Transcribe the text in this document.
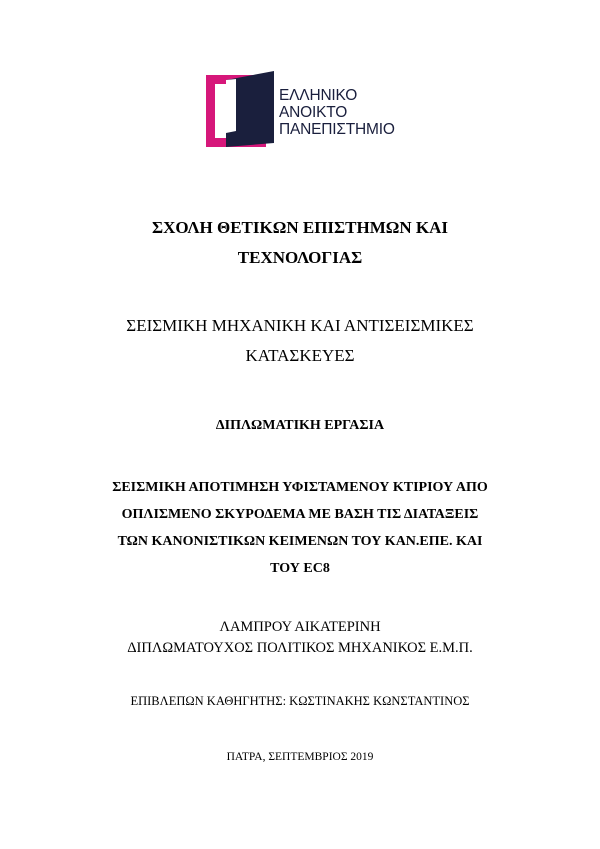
ΕΛΛΗΝΙΚΟ
ΑΝΟΙΚΤΟ
ΠΑΝΕΠΙΣΤΗΜΙΟ
ΣΧΟΛΗ ΘΕΤΙΚΩΝ ΕΠΙΣΤΗΜΩΝ ΚΑΙ
ΤΕΧΝΟΛΟΓΙΑΣ
ΣΕΙΣΜΙΚΗ ΜΗΧΑΝΙΚΗ ΚΑΙ ΑΝΤΙΣΕΙΣΜΙΚΕΣ
ΚΑΤΑΣΚΕΥΕΣ
ΔΙΠΛΩΜΑΤΙΚΗ ΕΡΓΑΣΙΑ
ΣΕΙΣΜΙΚΗ ΑΠΟΤΙΜΗΣΗ ΥΦΙΣΤΑΜΕΝΟΥ ΚΤΙΡΙΟΥ ΑΠΟ
ΟΠΛΙΣΜΕΝΟ ΣΚΥΡΟΔΕΜΑ ΜΕ ΒΑΣΗ ΤΙΣ ΔΙΑΤΑΞΕΙΣ
ΤΩΝ ΚΑΝΟΝΙΣΤΙΚΩΝ ΚΕΙΜΕΝΩΝ ΤΟΥ ΚΑΝ.ΕΠΕ. ΚΑΙ
ΤΟΥ EC8
ΛΑΜΠΡΟΥ ΑΙΚΑΤΕΡΙΝΗ
ΔΙΠΛΩΜΑΤΟΥΧΟΣ ΠΟΛΙΤΙΚΟΣ ΜΗΧΑΝΙΚΟΣ Ε.Μ.Π.
ΕΠΙΒΛΕΠΩΝ ΚΑΘΗΓΗΤΗΣ: ΚΩΣΤΙΝΑΚΗΣ ΚΩΝΣΤΑΝΤΙΝΟΣ
ΠΑΤΡΑ, ΣΕΠΤΕΜΒΡΙΟΣ 2019
